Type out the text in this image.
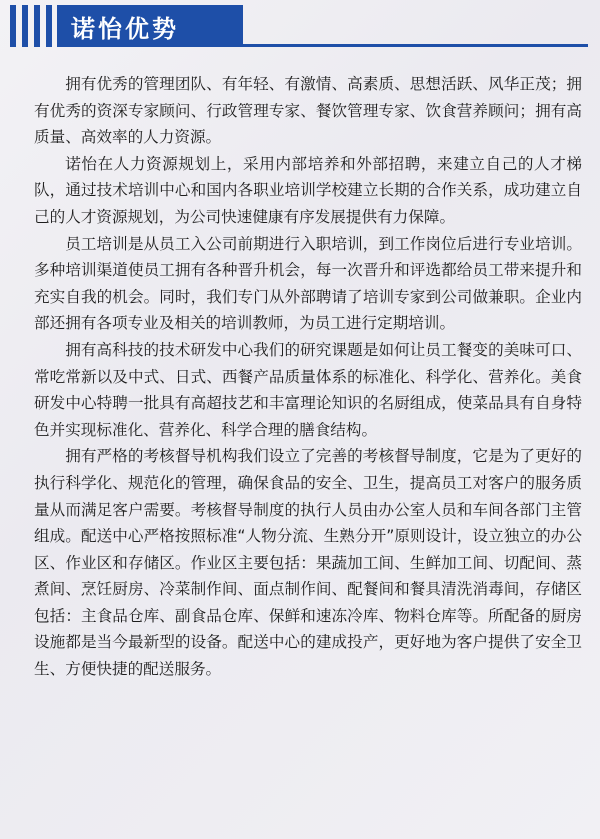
诺怡优势

拥有优秀的管理团队、有年轻、有激情、高素质、思想活跃、风华正茂；拥有优秀的资深专家顾问、行政管理专家、餐饮管理专家、饮食营养顾问；拥有高质量、高效率的人力资源。

诺怡在人力资源规划上，采用内部培养和外部招聘，来建立自己的人才梯队，通过技术培训中心和国内各职业培训学校建立长期的合作关系，成功建立自己的人才资源规划，为公司快速健康有序发展提供有力保障。

员工培训是从员工入公司前期进行入职培训，到工作岗位后进行专业培训。多种培训渠道使员工拥有各种晋升机会，每一次晋升和评选都给员工带来提升和充实自我的机会。同时，我们专门从外部聘请了培训专家到公司做兼职。企业内部还拥有各项专业及相关的培训教师，为员工进行定期培训。

拥有高科技的技术研发中心我们的研究课题是如何让员工餐变的美味可口、常吃常新以及中式、日式、西餐产品质量体系的标准化、科学化、营养化。美食研发中心特聘一批具有高超技艺和丰富理论知识的名厨组成，使菜品具有自身特色并实现标准化、营养化、科学合理的膳食结构。

拥有严格的考核督导机构我们设立了完善的考核督导制度，它是为了更好的执行科学化、规范化的管理，确保食品的安全、卫生，提高员工对客户的服务质量从而满足客户需要。考核督导制度的执行人员由办公室人员和车间各部门主管组成。配送中心严格按照标准“人物分流、生熟分开”原则设计，设立独立的办公区、作业区和存储区。作业区主要包括：果蔬加工间、生鲜加工间、切配间、蒸煮间、烹饪厨房、冷菜制作间、面点制作间、配餐间和餐具清洗消毒间，存储区包括：主食品仓库、副食品仓库、保鲜和速冻冷库、物料仓库等。所配备的厨房设施都是当今最新型的设备。配送中心的建成投产，更好地为客户提供了安全卫生、方便快捷的配送服务。
